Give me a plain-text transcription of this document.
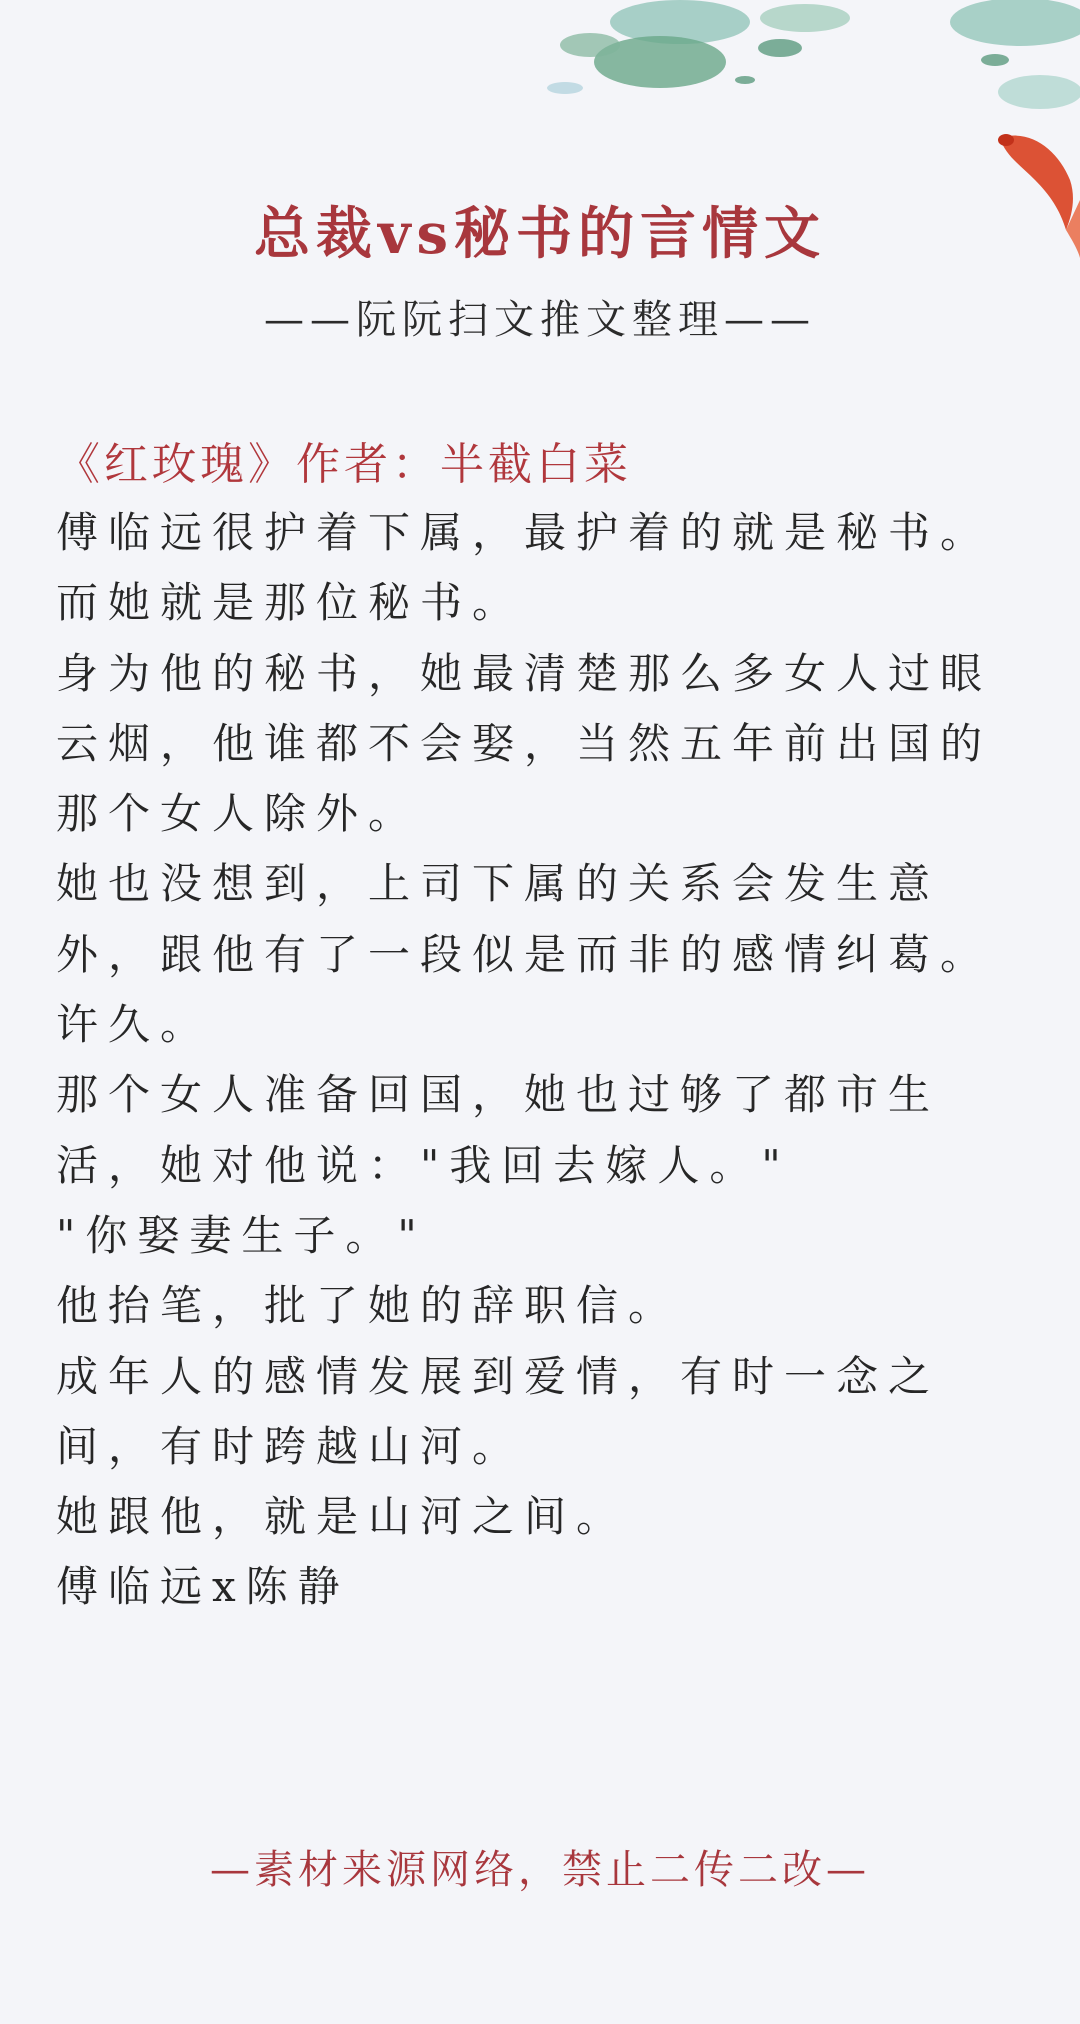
总裁vs秘书的言情文
——阮阮扫文推文整理——
《红玫瑰》作者：半截白菜

傅临远很护着下属，最护着的就是秘书。

而她就是那位秘书。

身为他的秘书，她最清楚那么多女人过眼云烟，他谁都不会娶，当然五年前出国的那个女人除外。

她也没想到，上司下属的关系会发生意外，跟他有了一段似是而非的感情纠葛。

许久。

那个女人准备回国，她也过够了都市生活，她对他说："我回去嫁人。"

"你娶妻生子。"

他抬笔，批了她的辞职信。

成年人的感情发展到爱情，有时一念之间，有时跨越山河。

她跟他，就是山河之间。

傅临远x陈静

—素材来源网络，禁止二传二改—
